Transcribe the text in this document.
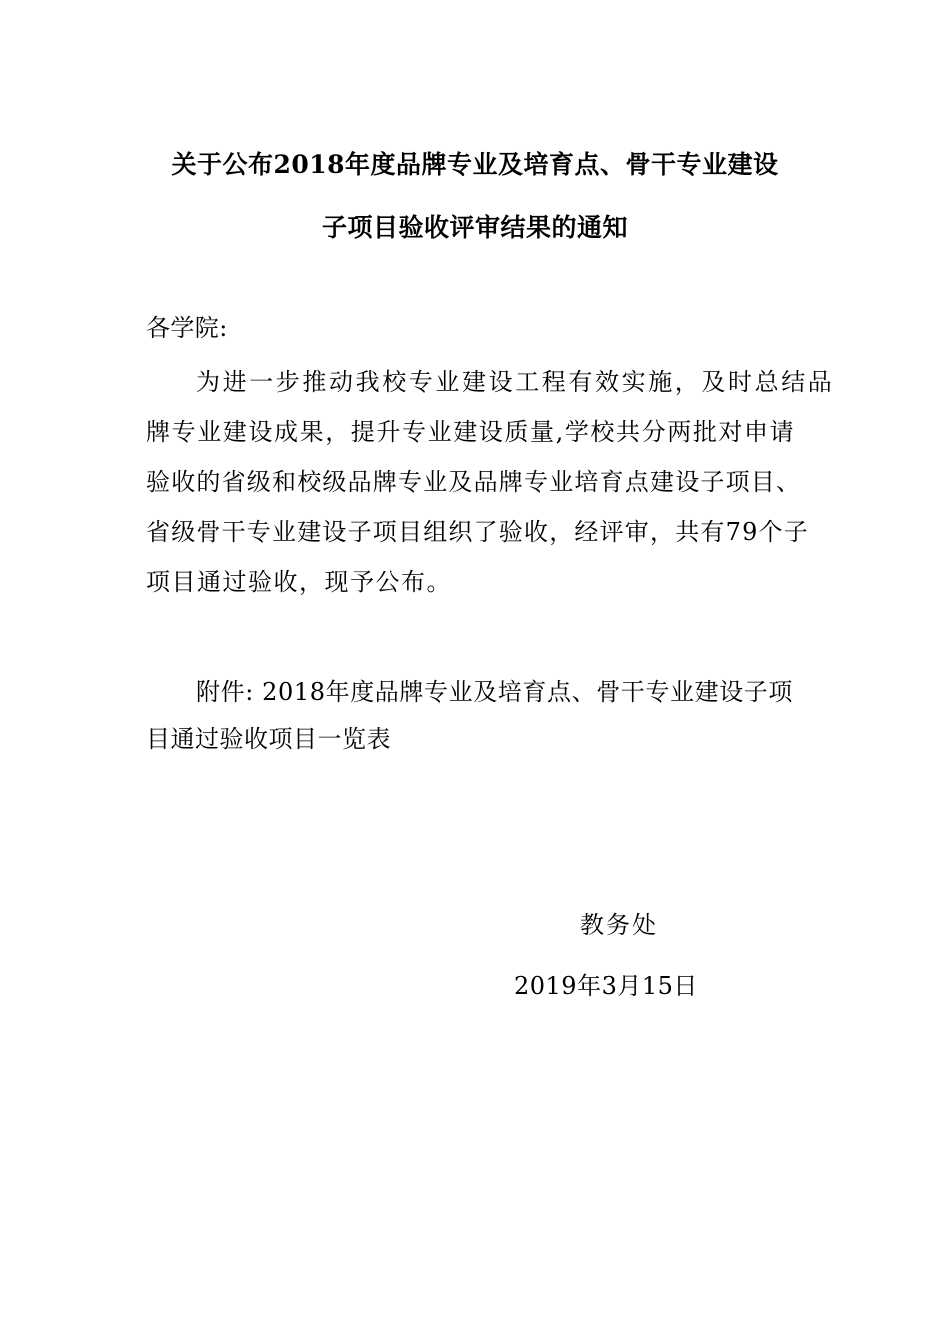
关于公布2018年度品牌专业及培育点、骨干专业建设
子项目验收评审结果的通知
各学院:
为进一步推动我校专业建设工程有效实施，及时总结品
牌专业建设成果，提升专业建设质量,学校共分两批对申请
验收的省级和校级品牌专业及品牌专业培育点建设子项目、
省级骨干专业建设子项目组织了验收，经评审，共有79个子
项目通过验收，现予公布。
附件: 2018年度品牌专业及培育点、骨干专业建设子项
目通过验收项目一览表
教务处
2019年3月15日
